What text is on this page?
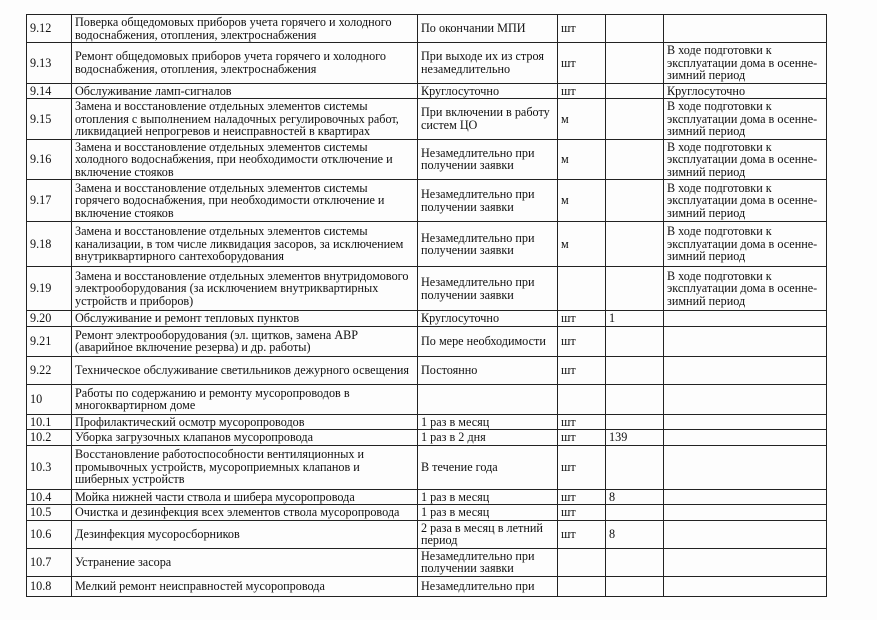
9.12	Поверка общедомовых приборов учета горячего и холодного водоснабжения, отопления, электроснабжения	По окончании МПИ	шт		
9.13	Ремонт общедомовых приборов учета горячего и холодного водоснабжения, отопления, электроснабжения	При выходе их из строя незамедлительно	шт		В ходе подготовки к эксплуатации дома в осенне-зимний период
9.14	Обслуживание ламп-сигналов	Круглосуточно	шт		Круглосуточно
9.15	Замена и восстановление отдельных элементов системы отопления с выполнением наладочных регулировочных работ, ликвидацией непрогревов и неисправностей в квартирах	При включении в работу систем ЦО	м		В ходе подготовки к эксплуатации дома в осенне-зимний период
9.16	Замена и восстановление отдельных элементов системы холодного водоснабжения, при необходимости отключение и включение стояков	Незамедлительно при получении заявки	м		В ходе подготовки к эксплуатации дома в осенне-зимний период
9.17	Замена и восстановление отдельных элементов системы горячего водоснабжения, при необходимости отключение и включение стояков	Незамедлительно при получении заявки	м		В ходе подготовки к эксплуатации дома в осенне-зимний период
9.18	Замена и восстановление отдельных элементов системы канализации, в том числе ликвидация засоров, за исключением внутриквартирного сантехоборудования	Незамедлительно при получении заявки	м		В ходе подготовки к эксплуатации дома в осенне-зимний период
9.19	Замена и восстановление отдельных элементов внутридомового электрооборудования (за исключением внутриквартирных устройств и приборов)	Незамедлительно при получении заявки			В ходе подготовки к эксплуатации дома в осенне-зимний период
9.20	Обслуживание и ремонт тепловых пунктов	Круглосуточно	шт	1	
9.21	Ремонт электрооборудования (эл. щитков, замена АВР (аварийное включение резерва) и др. работы)	По мере необходимости	шт		
9.22	Техническое обслуживание светильников дежурного освещения	Постоянно	шт		
10	Работы по содержанию и ремонту мусоропроводов в многоквартирном доме				
10.1	Профилактический осмотр мусоропроводов	1 раз в месяц	шт		
10.2	Уборка загрузочных клапанов мусоропровода	1 раз в 2 дня	шт	139	
10.3	Восстановление работоспособности вентиляционных и промывочных устройств, мусороприемных клапанов и шиберных устройств	В течение года	шт		
10.4	Мойка нижней части ствола и шибера мусоропровода	1 раз в месяц	шт	8	
10.5	Очистка и дезинфекция всех элементов ствола мусоропровода	1 раз в месяц	шт		
10.6	Дезинфекция мусоросборников	2 раза в месяц в летний период	шт	8	
10.7	Устранение засора	Незамедлительно при получении заявки			
10.8	Мелкий ремонт неисправностей мусоропровода	Незамедлительно при			
